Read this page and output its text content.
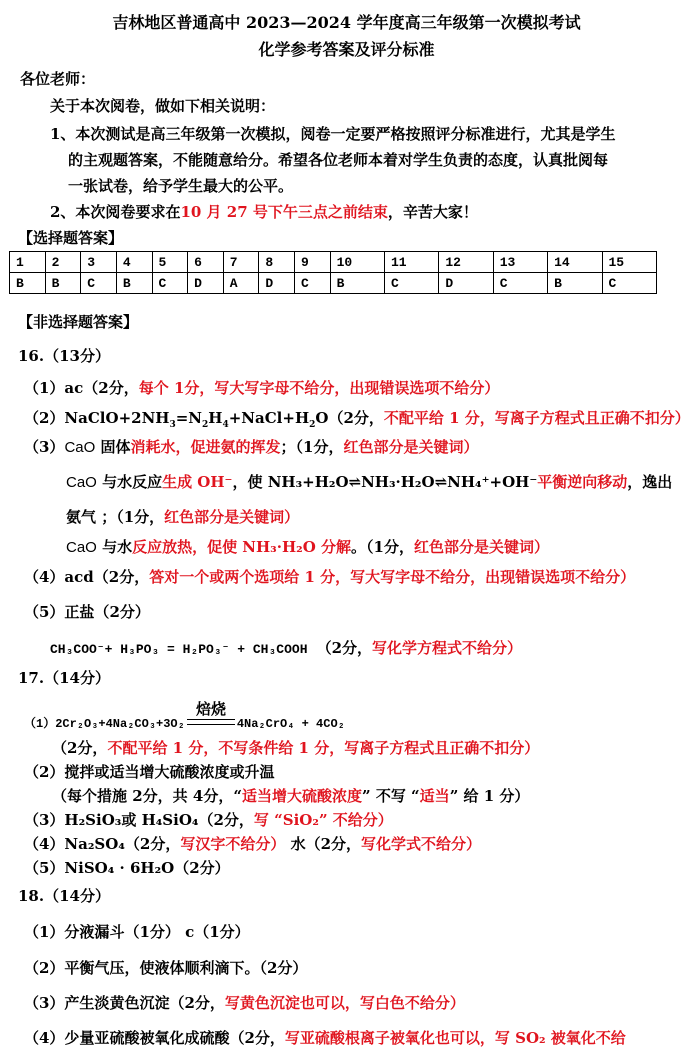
吉林地区普通高中 2023—2024 学年度高三年级第一次模拟考试
化学参考答案及评分标准
各位老师：
关于本次阅卷，做如下相关说明：
1、本次测试是高三年级第一次模拟，阅卷一定要严格按照评分标准进行，尤其是学生
的主观题答案，不能随意给分。希望各位老师本着对学生负责的态度，认真批阅每
一张试卷，给予学生最大的公平。
2、本次阅卷要求在10 月 27 号下午三点之前结束，辛苦大家！
【选择题答案】
1	2	3	4	5	6	7	8	9	10	11	12	13	14	15
B	B	C	B	C	D	A	D	C	B	C	D	C	B	C
【非选择题答案】
16.（13分）
（1）ac（2分，每个 1分，写大写字母不给分，出现错误选项不给分）
$(2)NaClO+2NH_3=N_2H_4+NaCl+H_2O(2$分，不配平给 1 分，写离子方程式且正确不扣分）
（3）CaO 固体消耗水，促进氨的挥发；（1分，红色部分是关键词）
CaO 与水反应生成 OH⁻，使 NH₃+H₂O⇌NH₃·H₂O⇌NH₄⁺+OH⁻平衡逆向移动，逸出
氨气 ；（1分，红色部分是关键词）
CaO 与水反应放热，促使 NH₃·H₂O 分解。（1分，红色部分是关键词）
（4）acd（2分，答对一个或两个选项给 1 分，写大写字母不给分，出现错误选项不给分）
（5）正盐（2分）
CH₃COO⁻+ H₃PO₃ = H₂PO₃⁻ + CH₃COOH （2分，写化学方程式不给分）
17.（14分）
焙烧
（1）2Cr₂O₃+4Na₂CO₃+3O₂	4Na₂CrO₄ + 4CO₂
（2分，不配平给 1 分，不写条件给 1 分，写离子方程式且正确不扣分）
（2）搅拌或适当增大硫酸浓度或升温
（每个措施 2分，共 4分，“适当增大硫酸浓度” 不写 “适当” 给 1 分）
（3）H₂SiO₃或 H₄SiO₄（2分，写 “SiO₂” 不给分）
（4）Na₂SO₄（2分，写汉字不给分） 水（2分，写化学式不给分）
（5）NiSO₄ · 6H₂O（2分）
18.（14分）
（1）分液漏斗（1分） c（1分）
（2）平衡气压，使液体顺利滴下。（2分）
（3）产生淡黄色沉淀（2分，写黄色沉淀也可以，写白色不给分）
（4）少量亚硫酸被氧化成硫酸（2分，写亚硫酸根离子被氧化也可以，写 SO₂ 被氧化不给
